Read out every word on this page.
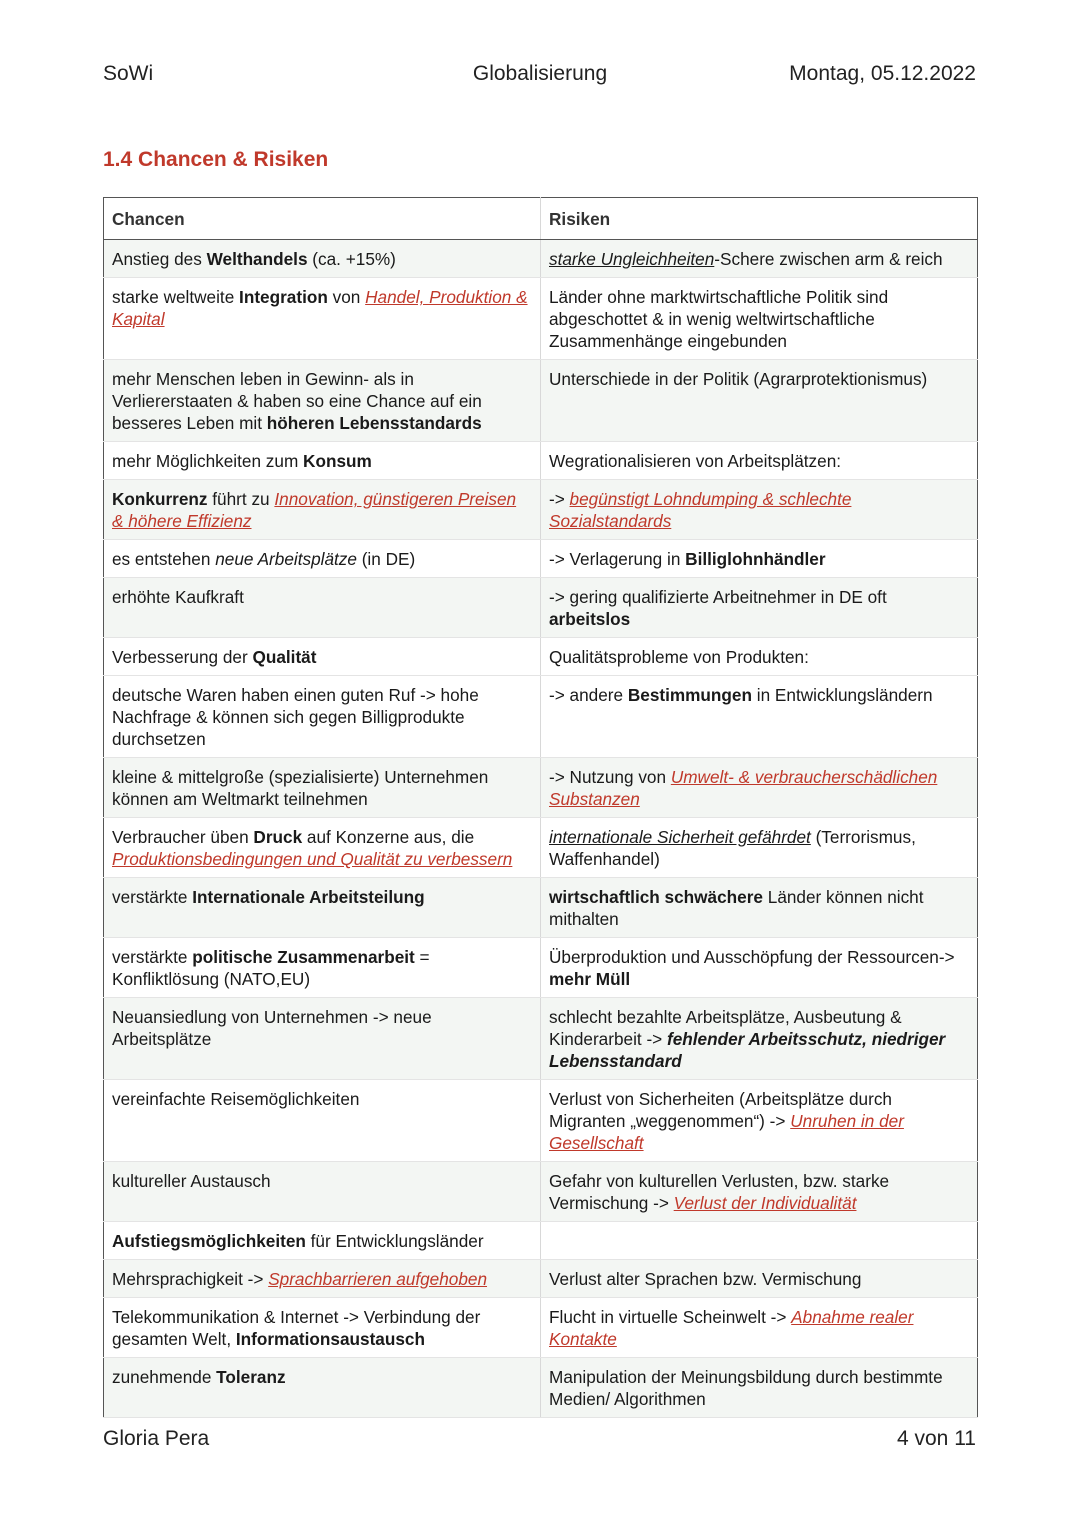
SoWi	Globalisierung	Montag, 05.12.2022
1.4 Chancen & Risiken
Chancen	Risiken
Anstieg des Welthandels (ca. +15%)	starke Ungleichheiten-Schere zwischen arm & reich
starke weltweite Integration von Handel, Produktion & Kapital	Länder ohne marktwirtschaftliche Politik sind abgeschottet & in wenig weltwirtschaftliche Zusammenhänge eingebunden
mehr Menschen leben in Gewinn- als in Verliererstaaten & haben so eine Chance auf ein besseres Leben mit höheren Lebensstandards	Unterschiede in der Politik (Agrarprotektionismus)
mehr Möglichkeiten zum Konsum	Wegrationalisieren von Arbeitsplätzen:
Konkurrenz führt zu Innovation, günstigeren Preisen & höhere Effizienz	-> begünstigt Lohndumping & schlechte Sozialstandards
es entstehen neue Arbeitsplätze (in DE)	-> Verlagerung in Billiglohnhändler
erhöhte Kaufkraft	-> gering qualifizierte Arbeitnehmer in DE oft arbeitslos
Verbesserung der Qualität	Qualitätsprobleme von Produkten:
deutsche Waren haben einen guten Ruf -> hohe Nachfrage & können sich gegen Billigprodukte durchsetzen	-> andere Bestimmungen in Entwicklungsländern
kleine & mittelgroße (spezialisierte) Unternehmen können am Weltmarkt teilnehmen	-> Nutzung von Umwelt- & verbraucherschädlichen Substanzen
Verbraucher üben Druck auf Konzerne aus, die Produktionsbedingungen und Qualität zu verbessern	internationale Sicherheit gefährdet (Terrorismus, Waffenhandel)
verstärkte Internationale Arbeitsteilung	wirtschaftlich schwächere Länder können nicht mithalten
verstärkte politische Zusammenarbeit = Konfliktlösung (NATO,EU)	Überproduktion und Ausschöpfung der Ressourcen-> mehr Müll
Neuansiedlung von Unternehmen -> neue Arbeitsplätze	schlecht bezahlte Arbeitsplätze, Ausbeutung & Kinderarbeit -> fehlender Arbeitsschutz, niedriger Lebensstandard
vereinfachte Reisemöglichkeiten	Verlust von Sicherheiten (Arbeitsplätze durch Migranten „weggenommen“) -> Unruhen in der Gesellschaft
kultureller Austausch	Gefahr von kulturellen Verlusten, bzw. starke Vermischung -> Verlust der Individualität
Aufstiegsmöglichkeiten für Entwicklungsländer	
Mehrsprachigkeit -> Sprachbarrieren aufgehoben	Verlust alter Sprachen bzw. Vermischung
Telekommunikation & Internet -> Verbindung der gesamten Welt, Informationsaustausch	Flucht in virtuelle Scheinwelt -> Abnahme realer Kontakte
zunehmende Toleranz	Manipulation der Meinungsbildung durch bestimmte Medien/ Algorithmen
Gloria Pera	4 von 11
